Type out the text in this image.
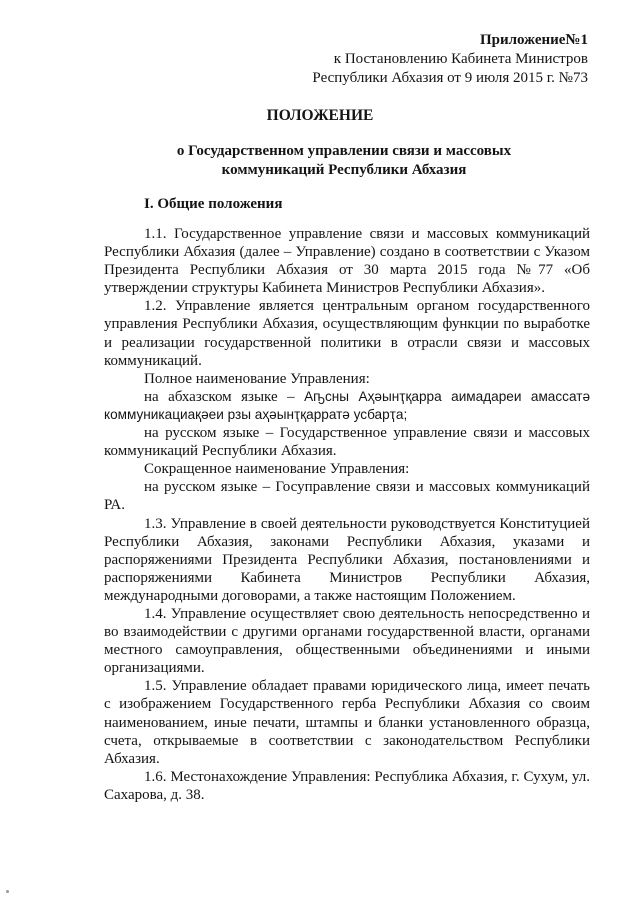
Приложение№1
к Постановлению Кабинета Министров
Республики Абхазия от 9 июля 2015 г. №73
ПОЛОЖЕНИЕ
о Государственном управлении связи и массовых
коммуникаций Республики Абхазия
I. Общие положения

1.1. Государственное управление связи и массовых коммуникаций Республики Абхазия (далее – Управление) создано в соответствии с Указом Президента Республики Абхазия от 30 марта 2015 года №77 «Об утверждении структуры Кабинета Министров Республики Абхазия».

1.2. Управление является центральным органом государственного управления Республики Абхазия, осуществляющим функции по выработке и реализации государственной политики в отрасли связи и массовых коммуникаций.

Полное наименование Управления:

на абхазском языке – Аҧсны Аҳәынҭқарра аимадареи амассатә коммуникациақәеи рзы аҳәынҭқарратә усбарҭа;

на русском языке – Государственное управление связи и массовых коммуникаций Республики Абхазия.

Сокращенное наименование Управления:

на русском языке – Госуправление связи и массовых коммуникаций РА.

1.3. Управление в своей деятельности руководствуется Конституцией Республики Абхазия, законами Республики Абхазия, указами и распоряжениями Президента Республики Абхазия, постановлениями и распоряжениями Кабинета Министров Республики Абхазия, международными договорами, а также настоящим Положением.

1.4. Управление осуществляет свою деятельность непосредственно и во взаимодействии с другими органами государственной власти, органами местного самоуправления, общественными объединениями и иными организациями.

1.5. Управление обладает правами юридического лица, имеет печать с изображением Государственного герба Республики Абхазия со своим наименованием, иные печати, штампы и бланки установленного образца, счета, открываемые в соответствии с законодательством Республики Абхазия.

1.6. Местонахождение Управления: Республика Абхазия, г. Сухум, ул. Сахарова, д. 38.
